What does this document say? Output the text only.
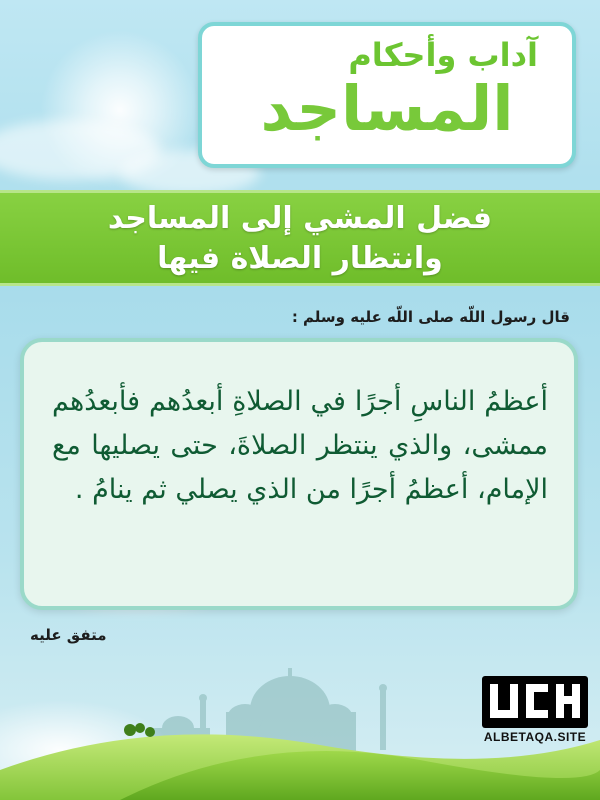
آداب وأحكام

المساجد

فضل المشي إلى المساجد

وانتظار الصلاة فيها

قال رسول اللّه صلى اللّه عليه وسلم :

أعظمُ الناسِ أجرًا في الصلاةِ أبعدُهم فأبعدُهم ممشى، والذي ينتظر الصلاةَ، حتى يصليها مع الإمام، أعظمُ أجرًا من الذي يصلي ثم ينامُ .

متفق عليه

ALBETAQA.SITE
